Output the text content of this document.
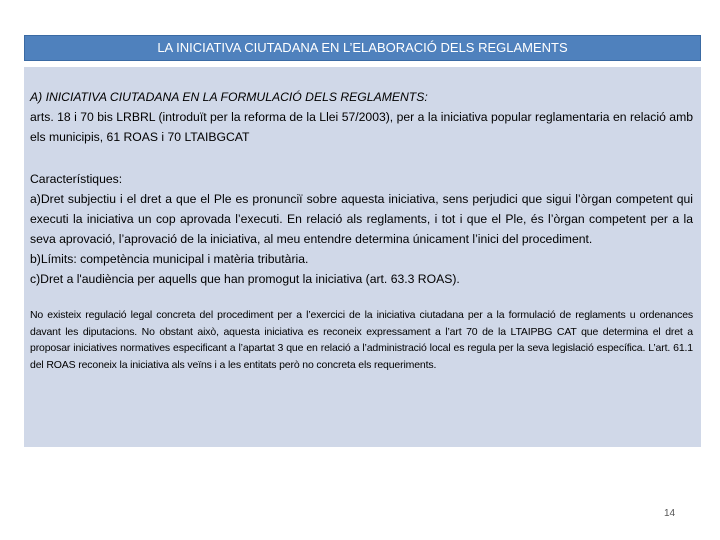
LA INICIATIVA CIUTADANA EN L’ELABORACIÓ DELS REGLAMENTS
A) INICIATIVA CIUTADANA EN LA FORMULACIÓ DELS REGLAMENTS:
arts. 18 i 70 bis LRBRL (introduït per la reforma de la Llei 57/2003), per a la iniciativa popular reglamentaria en relació amb els municipis, 61 ROAS i 70 LTAIBGCAT
Característiques:
a)Dret subjectiu i el dret a que el Ple es pronunciï sobre aquesta iniciativa, sens perjudici que sigui l’òrgan competent qui executi la iniciativa un cop aprovada l’executi. En relació als reglaments, i tot i que el Ple, és l’òrgan competent per a la seva aprovació, l’aprovació de la iniciativa, al meu entendre determina únicament l’inici del procediment.
b)Límits: competència municipal i matèria tributària.
c)Dret a l'audiència per aquells que han promogut la iniciativa (art. 63.3 ROAS).
No existeix regulació legal concreta del procediment per a l’exercici de la iniciativa ciutadana per a la formulació de reglaments u ordenances davant les diputacions. No obstant això, aquesta iniciativa es reconeix expressament a l’art 70 de la LTAIPBG CAT que determina el dret a proposar iniciatives normatives especificant a l’apartat 3 que en relació a l’administració local es regula per la seva legislació específica. L’art. 61.1 del ROAS reconeix la iniciativa als veïns i a les entitats però no concreta els requeriments.
14
